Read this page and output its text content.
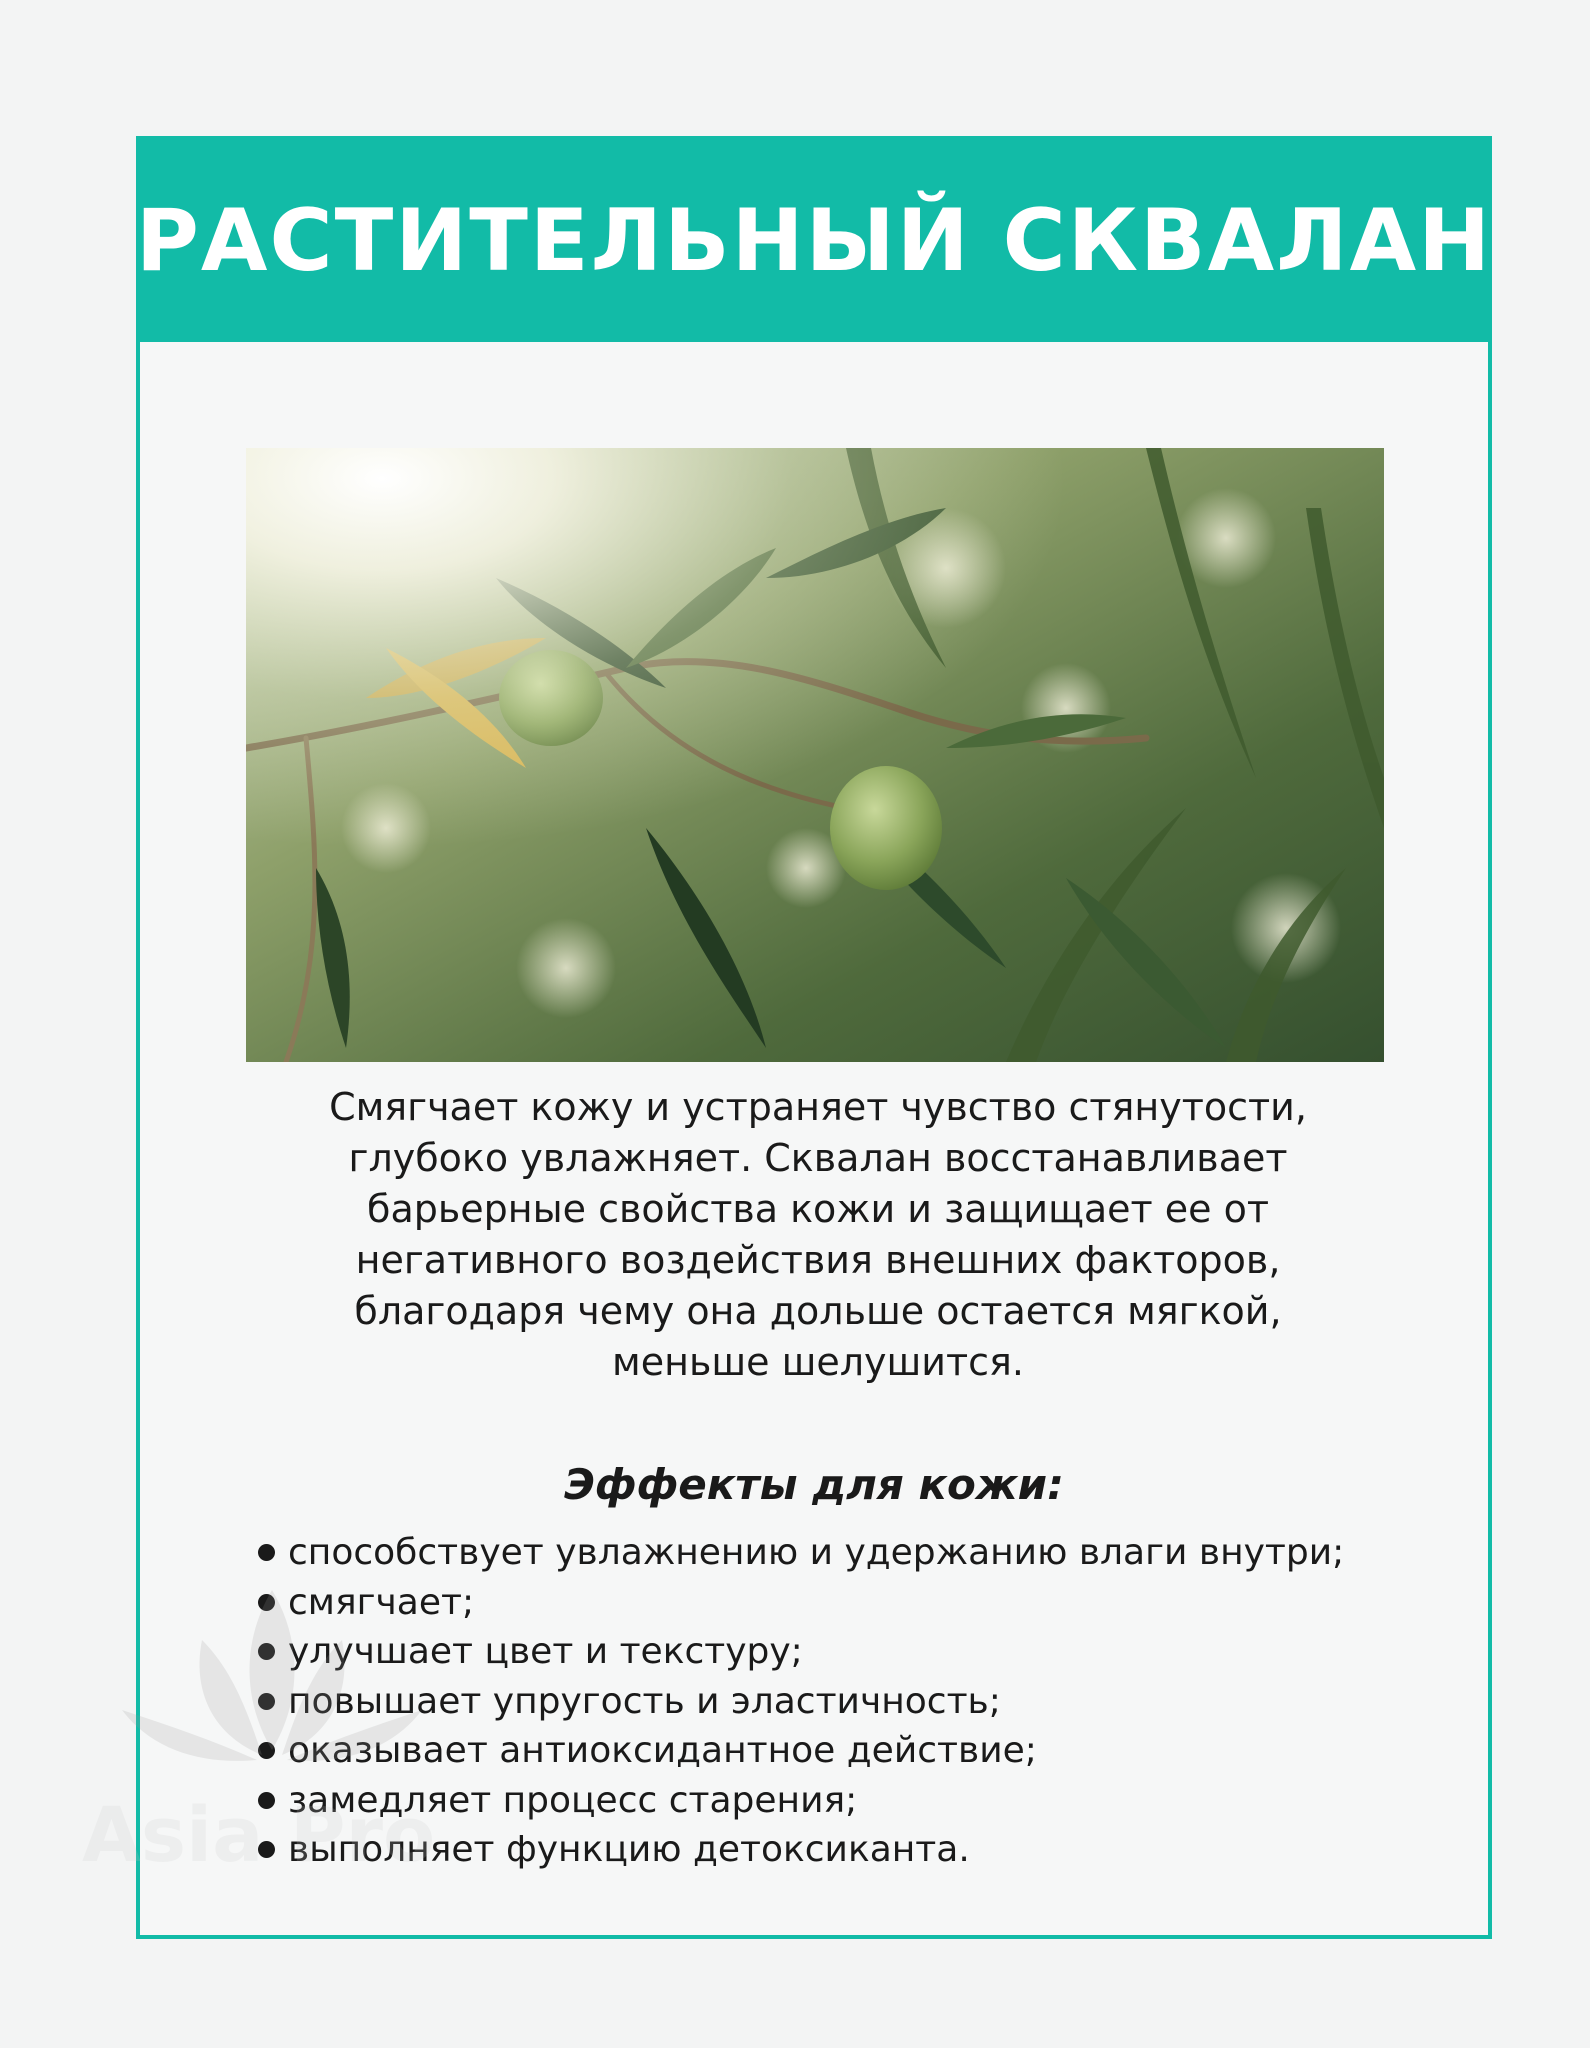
РАСТИТЕЛЬНЫЙ СКВАЛАН
Смягчает кожу и устраняет чувство стянутости,
глубоко увлажняет. Сквалан восстанавливает
барьерные свойства кожи и защищает ее от
негативного воздействия внешних факторов,
благодаря чему она дольше остается мягкой,
меньше шелушится.
Эффекты для кожи:
способствует увлажнению и удержанию влаги внутри;
смягчает;
улучшает цвет и текстуру;
повышает упругость и эластичность;
оказывает антиоксидантное действие;
замедляет процесс старения;
выполняет функцию детоксиканта.
Asia Pro
